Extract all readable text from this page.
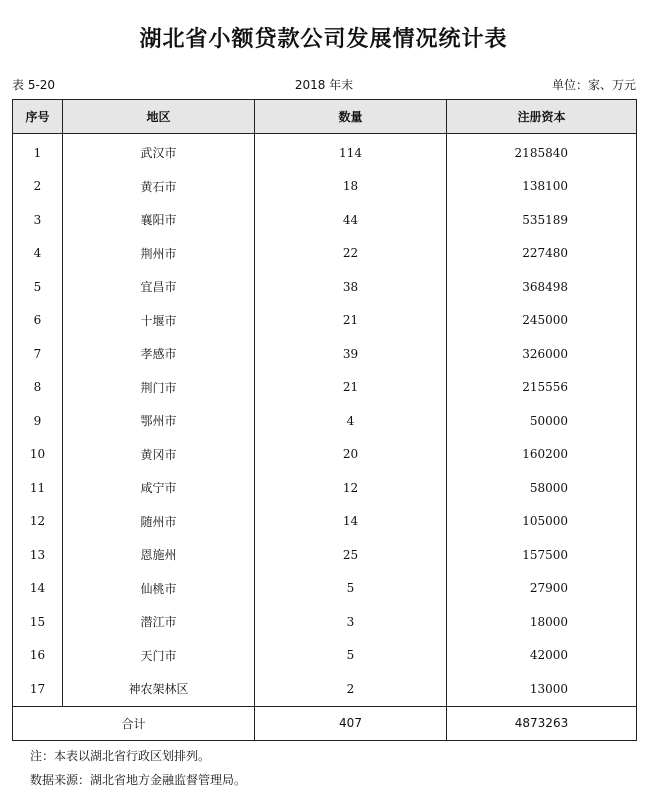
湖北省小额贷款公司发展情况统计表
表 5-20	2018 年末	单位：家、万元
序号	地区	数量	注册资本
1	武汉市	114	2185840
2	黄石市	18	138100
3	襄阳市	44	535189
4	荆州市	22	227480
5	宜昌市	38	368498
6	十堰市	21	245000
7	孝感市	39	326000
8	荆门市	21	215556
9	鄂州市	4	50000
10	黄冈市	20	160200
11	咸宁市	12	58000
12	随州市	14	105000
13	恩施州	25	157500
14	仙桃市	5	27900
15	潜江市	3	18000
16	天门市	5	42000
17	神农架林区	2	13000
合计		407	4873263
注：本表以湖北省行政区划排列。
数据来源：湖北省地方金融监督管理局。
